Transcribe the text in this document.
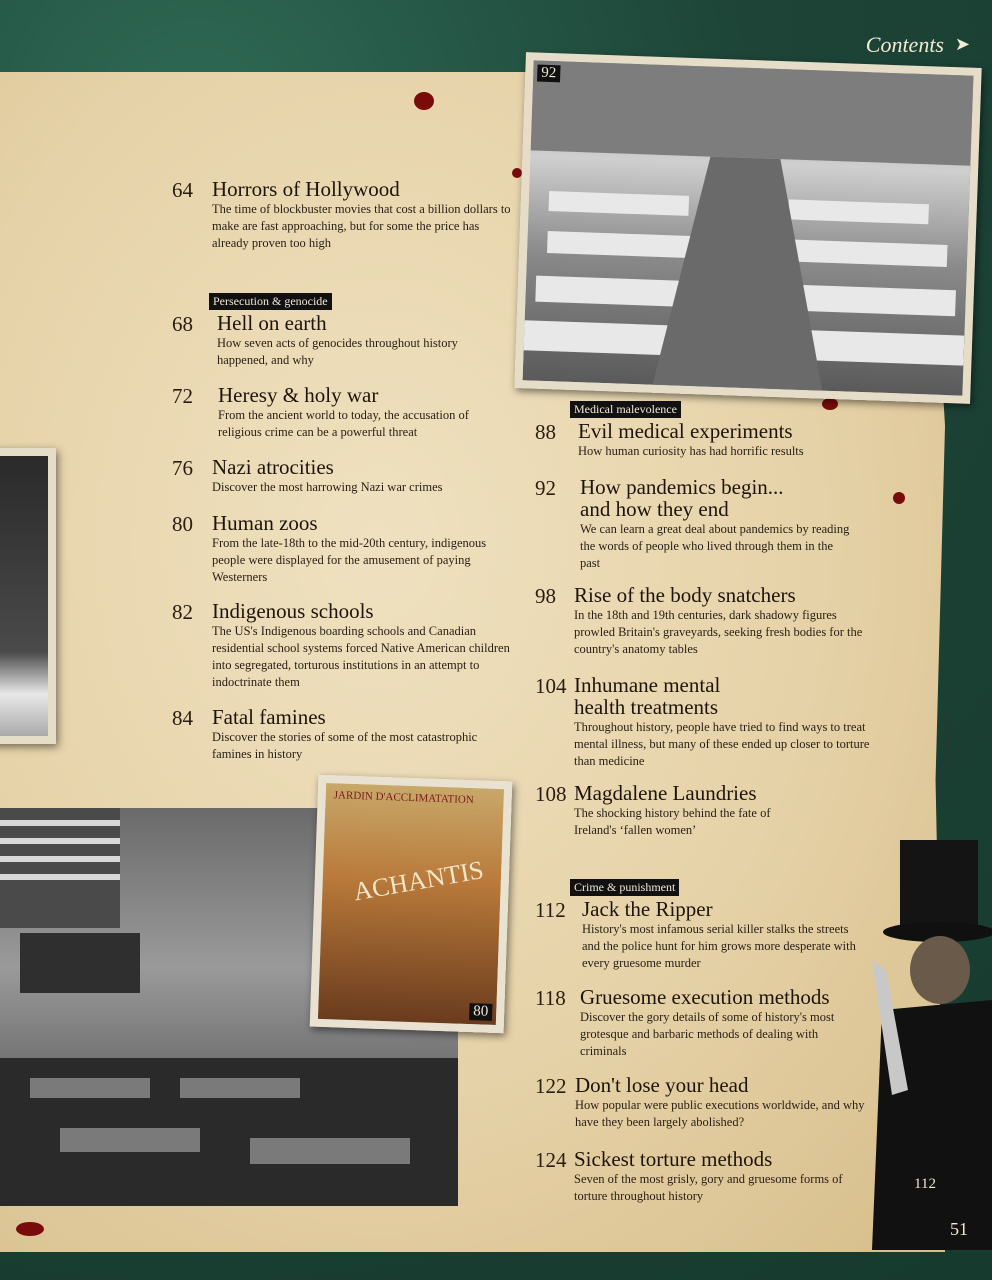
Contents ➤
92
JARDIN D'ACCLIMATATION
ACHANTIS
80
112
© Alamy, Getty
Persecution & genocide
Medical malevolence
Crime & punishment
64 Horrors of Hollywood
The time of blockbuster movies that cost a billion dollars to make are fast approaching, but for some the price has already proven too high
68 Hell on earth
How seven acts of genocides throughout history happened, and why
72 Heresy & holy war
From the ancient world to today, the accusation of religious crime can be a powerful threat
76 Nazi atrocities
Discover the most harrowing Nazi war crimes
80 Human zoos
From the late-18th to the mid-20th century, indigenous people were displayed for the amusement of paying Westerners
82 Indigenous schools
The US's Indigenous boarding schools and Canadian residential school systems forced Native American children into segregated, torturous institutions in an attempt to indoctrinate them
84 Fatal famines
Discover the stories of some of the most catastrophic famines in history
88 Evil medical experiments
How human curiosity has had horrific results
92 How pandemics begin... and how they end
We can learn a great deal about pandemics by reading the words of people who lived through them in the past
98 Rise of the body snatchers
In the 18th and 19th centuries, dark shadowy figures prowled Britain's graveyards, seeking fresh bodies for the country's anatomy tables
104 Inhumane mental health treatments
Throughout history, people have tried to find ways to treat mental illness, but many of these ended up closer to torture than medicine
108 Magdalene Laundries
The shocking history behind the fate of Ireland's ‘fallen women’
112 Jack the Ripper
History's most infamous serial killer stalks the streets and the police hunt for him grows more desperate with every gruesome murder
118 Gruesome execution methods
Discover the gory details of some of history's most grotesque and barbaric methods of dealing with criminals
122 Don't lose your head
How popular were public executions worldwide, and why have they been largely abolished?
124 Sickest torture methods
Seven of the most grisly, gory and gruesome forms of torture throughout history
51
